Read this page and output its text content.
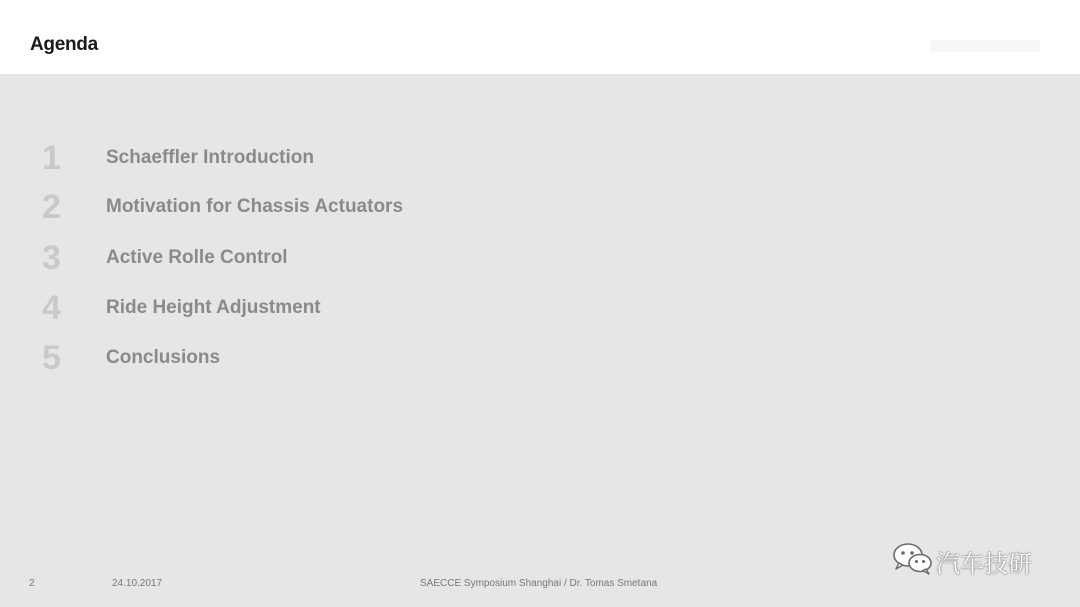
Agenda
1 Schaeffler Introduction
2 Motivation for Chassis Actuators
3 Active Rolle Control
4 Ride Height Adjustment
5 Conclusions
2	24.10.2017	SAECCE Symposium Shanghai / Dr. Tomas Smetana
汽车技研
